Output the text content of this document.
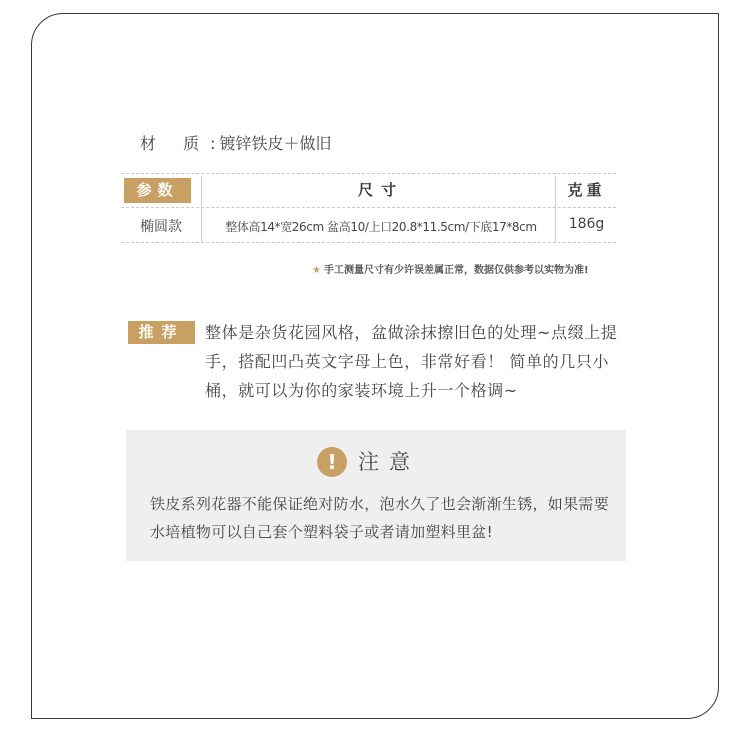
材 质: 镀锌铁皮＋做旧
参数	尺寸	克重
椭圆款	整体高14*宽26cm 盆高10/上口20.8*11.5cm/下底17*8cm	186g
★ 手工测量尺寸有少许误差属正常，数据仅供参考以实物为准!
推荐	整体是杂货花园风格，盆做涂抹擦旧色的处理~点缀上提手，搭配凹凸英文字母上色，非常好看！ 简单的几只小桶，就可以为你的家装环境上升一个格调~
!	注意
铁皮系列花器不能保证绝对防水，泡水久了也会渐渐生锈，如果需要水培植物可以自己套个塑料袋子或者请加塑料里盆!
